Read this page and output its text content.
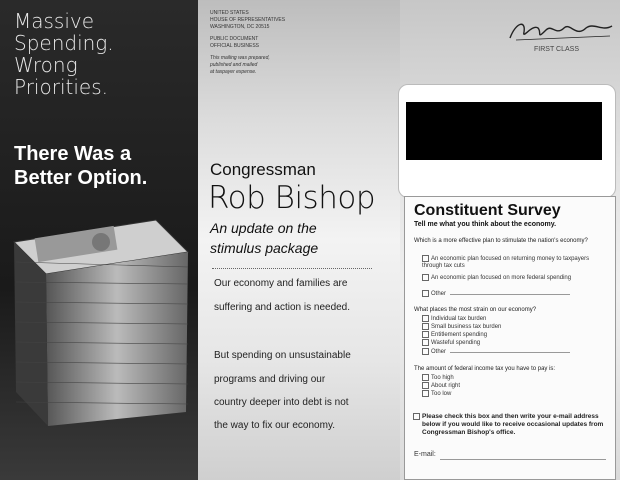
Massive
Spending.
Wrong
Priorities.
There Was a
Better Option.
UNITED STATES
HOUSE OF REPRESENTATIVES
WASHINGTON, DC 20515
PUBLIC DOCUMENT
OFFICIAL BUSINESS
This mailing was prepared,
published and mailed
at taxpayer expense.
Congressman
Rob Bishop
An update on the
stimulus package
Our economy and families are
suffering and action is needed.
But spending on unsustainable
programs and driving our
country deeper into debt is not
the way to fix our economy.
FIRST CLASS
Constituent Survey
Tell me what you think about the economy.
Which is a more effective plan to stimulate the nation's economy?
An economic plan focused on returning money to taxpayers through tax cuts
An economic plan focused on more federal spending
Other
What places the most strain on our economy?
Individual tax burden
Small business tax burden
Entitlement spending
Wasteful spending
Other
The amount of federal income tax you have to pay is:
Too high
About right
Too low
Please check this box and then write your e-mail address below if you would like to receive occasional updates from Congressman Bishop's office.
E-mail:
